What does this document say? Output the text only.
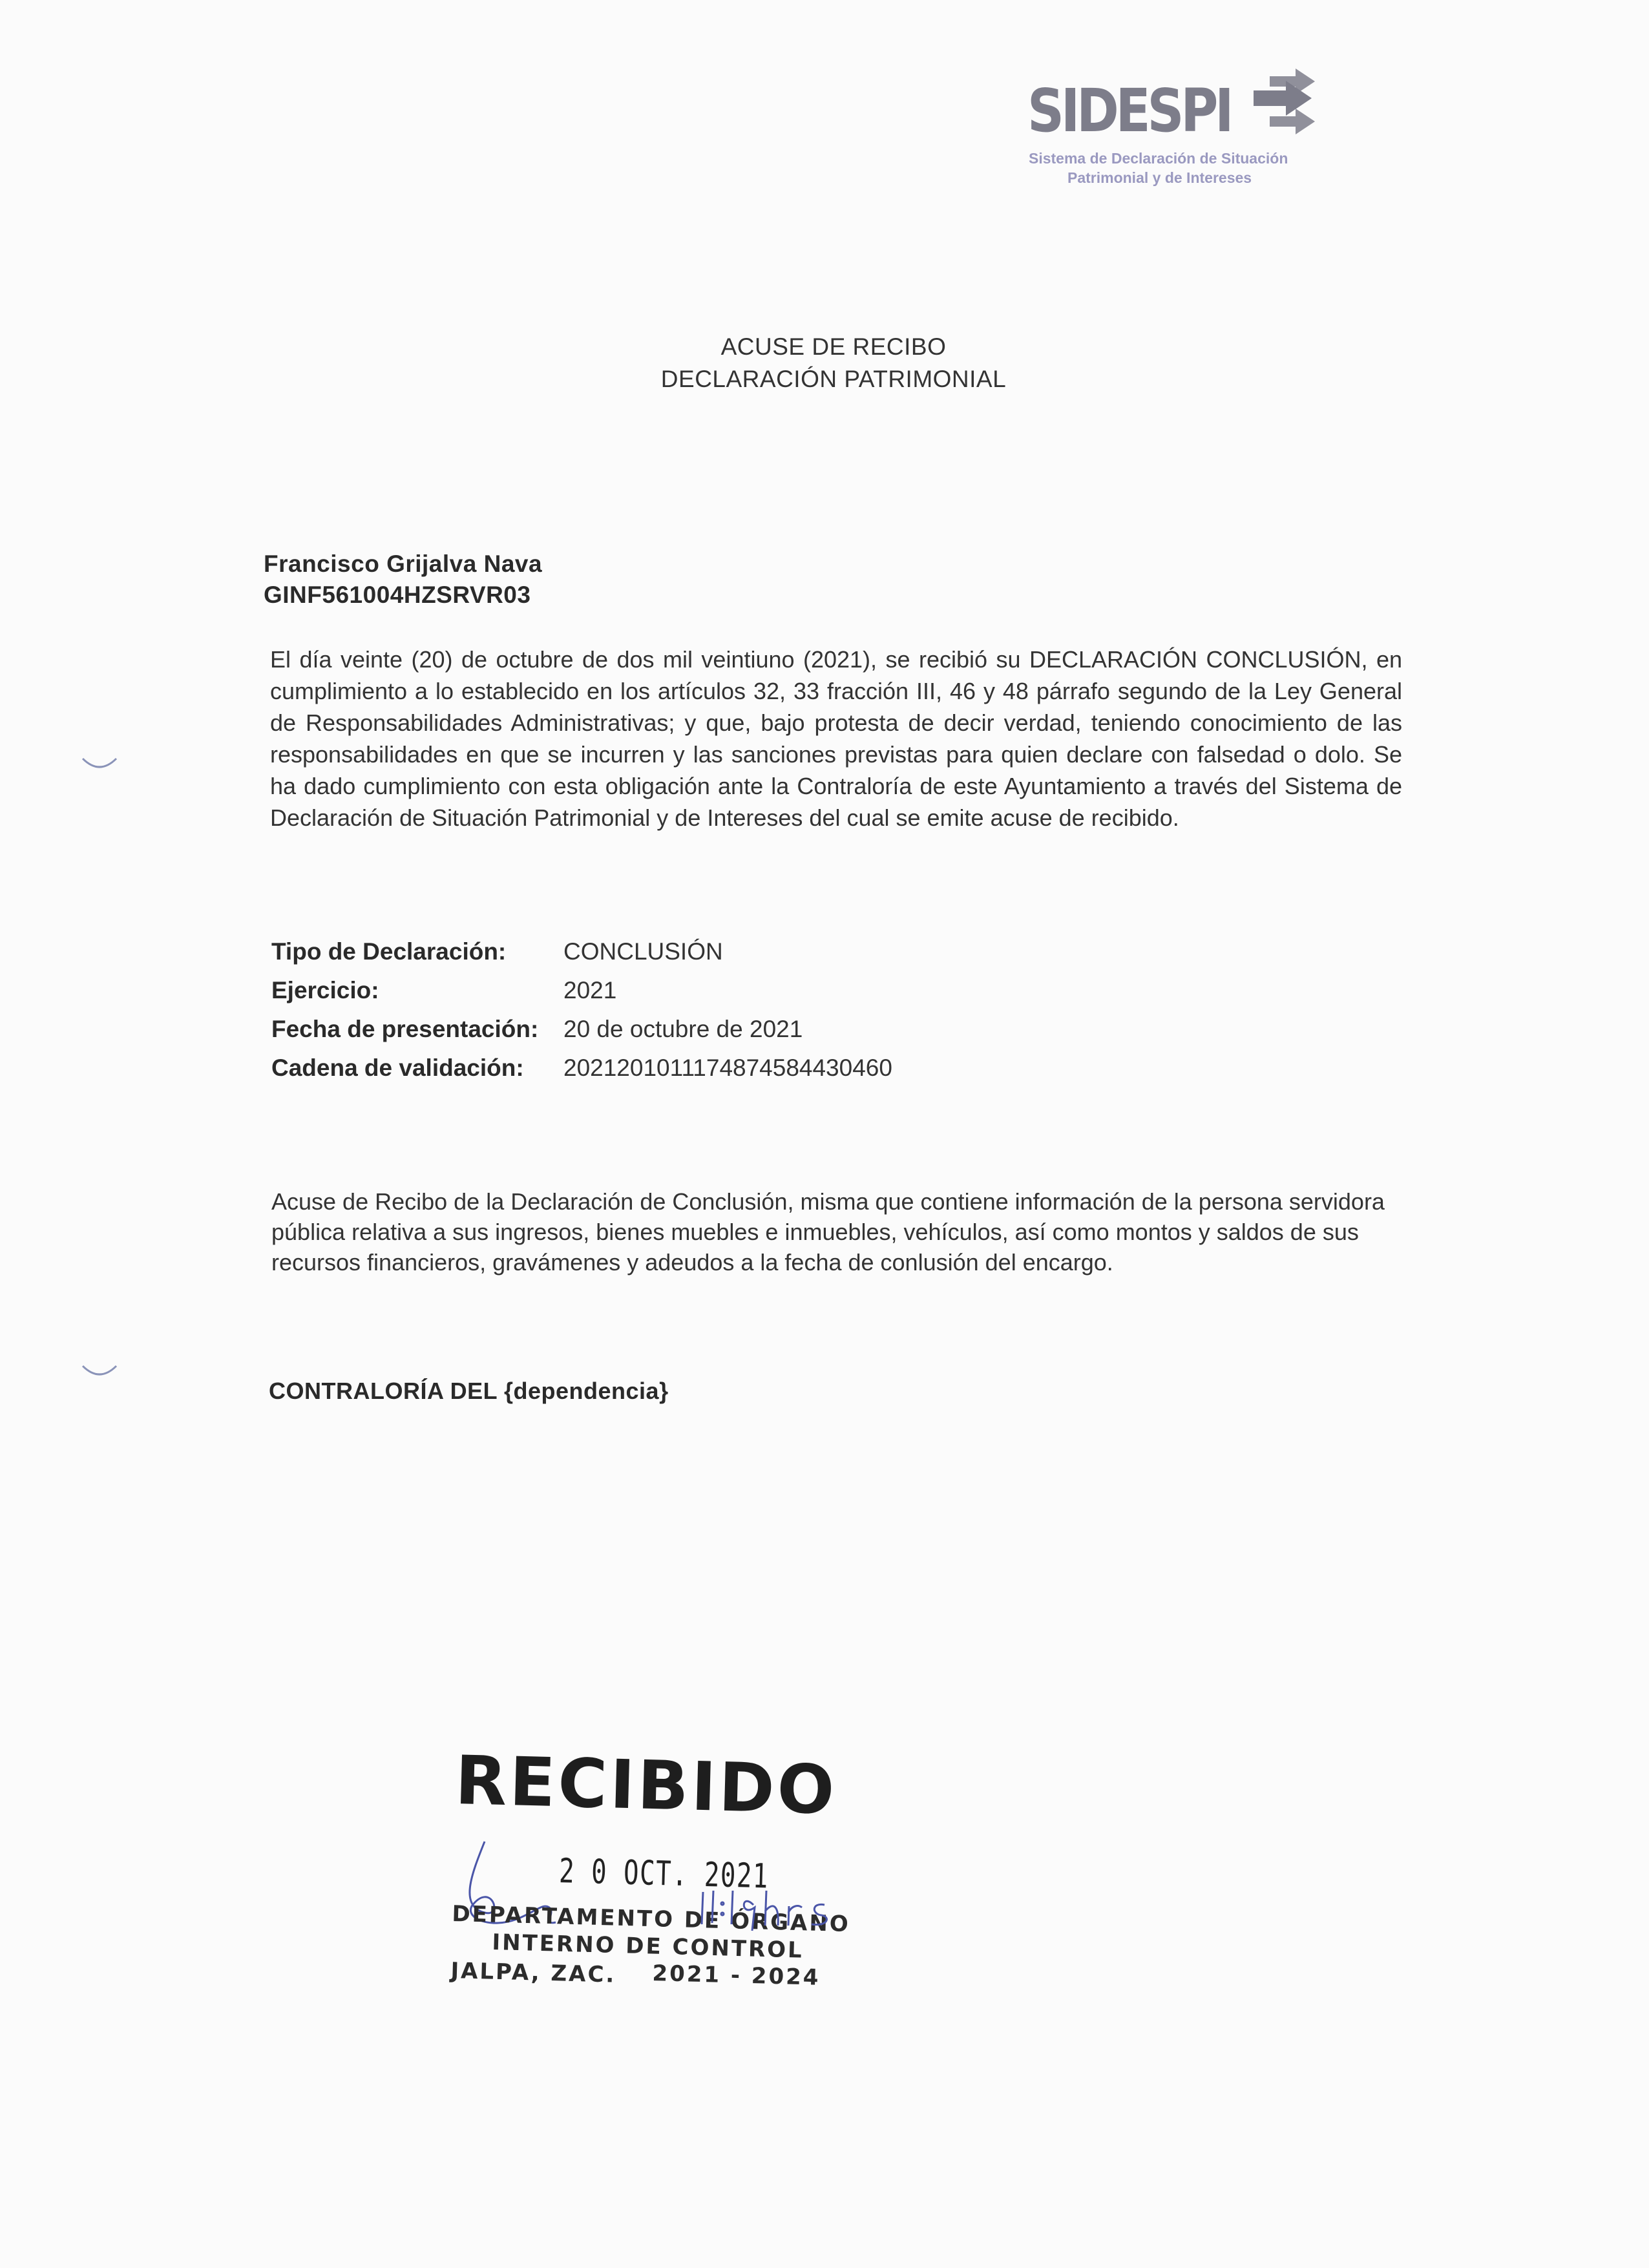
SIDESPI
Sistema de Declaración de Situación
Patrimonial y de Intereses
ACUSE DE RECIBO
DECLARACIÓN PATRIMONIAL
Francisco Grijalva Nava
GINF561004HZSRVR03
El día veinte (20) de octubre de dos mil veintiuno (2021), se recibió su DECLARACIÓN CONCLUSIÓN, en cumplimiento a lo establecido en los artículos 32, 33 fracción III, 46 y 48 párrafo segundo de la Ley General de Responsabilidades Administrativas; y que, bajo protesta de decir verdad, teniendo conocimiento de las responsabilidades en que se incurren y las sanciones previstas para quien declare con falsedad o dolo. Se ha dado cumplimiento con esta obligación ante la Contraloría de este Ayuntamiento a través del Sistema de Declaración de Situación Patrimonial y de Intereses del cual se emite acuse de recibido.
Tipo de Declaración: CONCLUSIÓN
Ejercicio:	2021
Fecha de presentación: 20 de octubre de 2021
Cadena de validación: 20212010111748745844304​60
Acuse de Recibo de la Declaración de Conclusión, misma que contiene información de la persona servidora pública relativa a sus ingresos, bienes muebles e inmuebles, vehículos, así como montos y saldos de sus recursos financieros, gravámenes y adeudos a la fecha de conlusión del encargo.
CONTRALORÍA DEL {dependencia}
RECIBIDO
2 0 OCT. 2021
DEPARTAMENTO DE ÓRGANO
INTERNO DE CONTROL
JALPA, ZAC. 2021 - 2024
